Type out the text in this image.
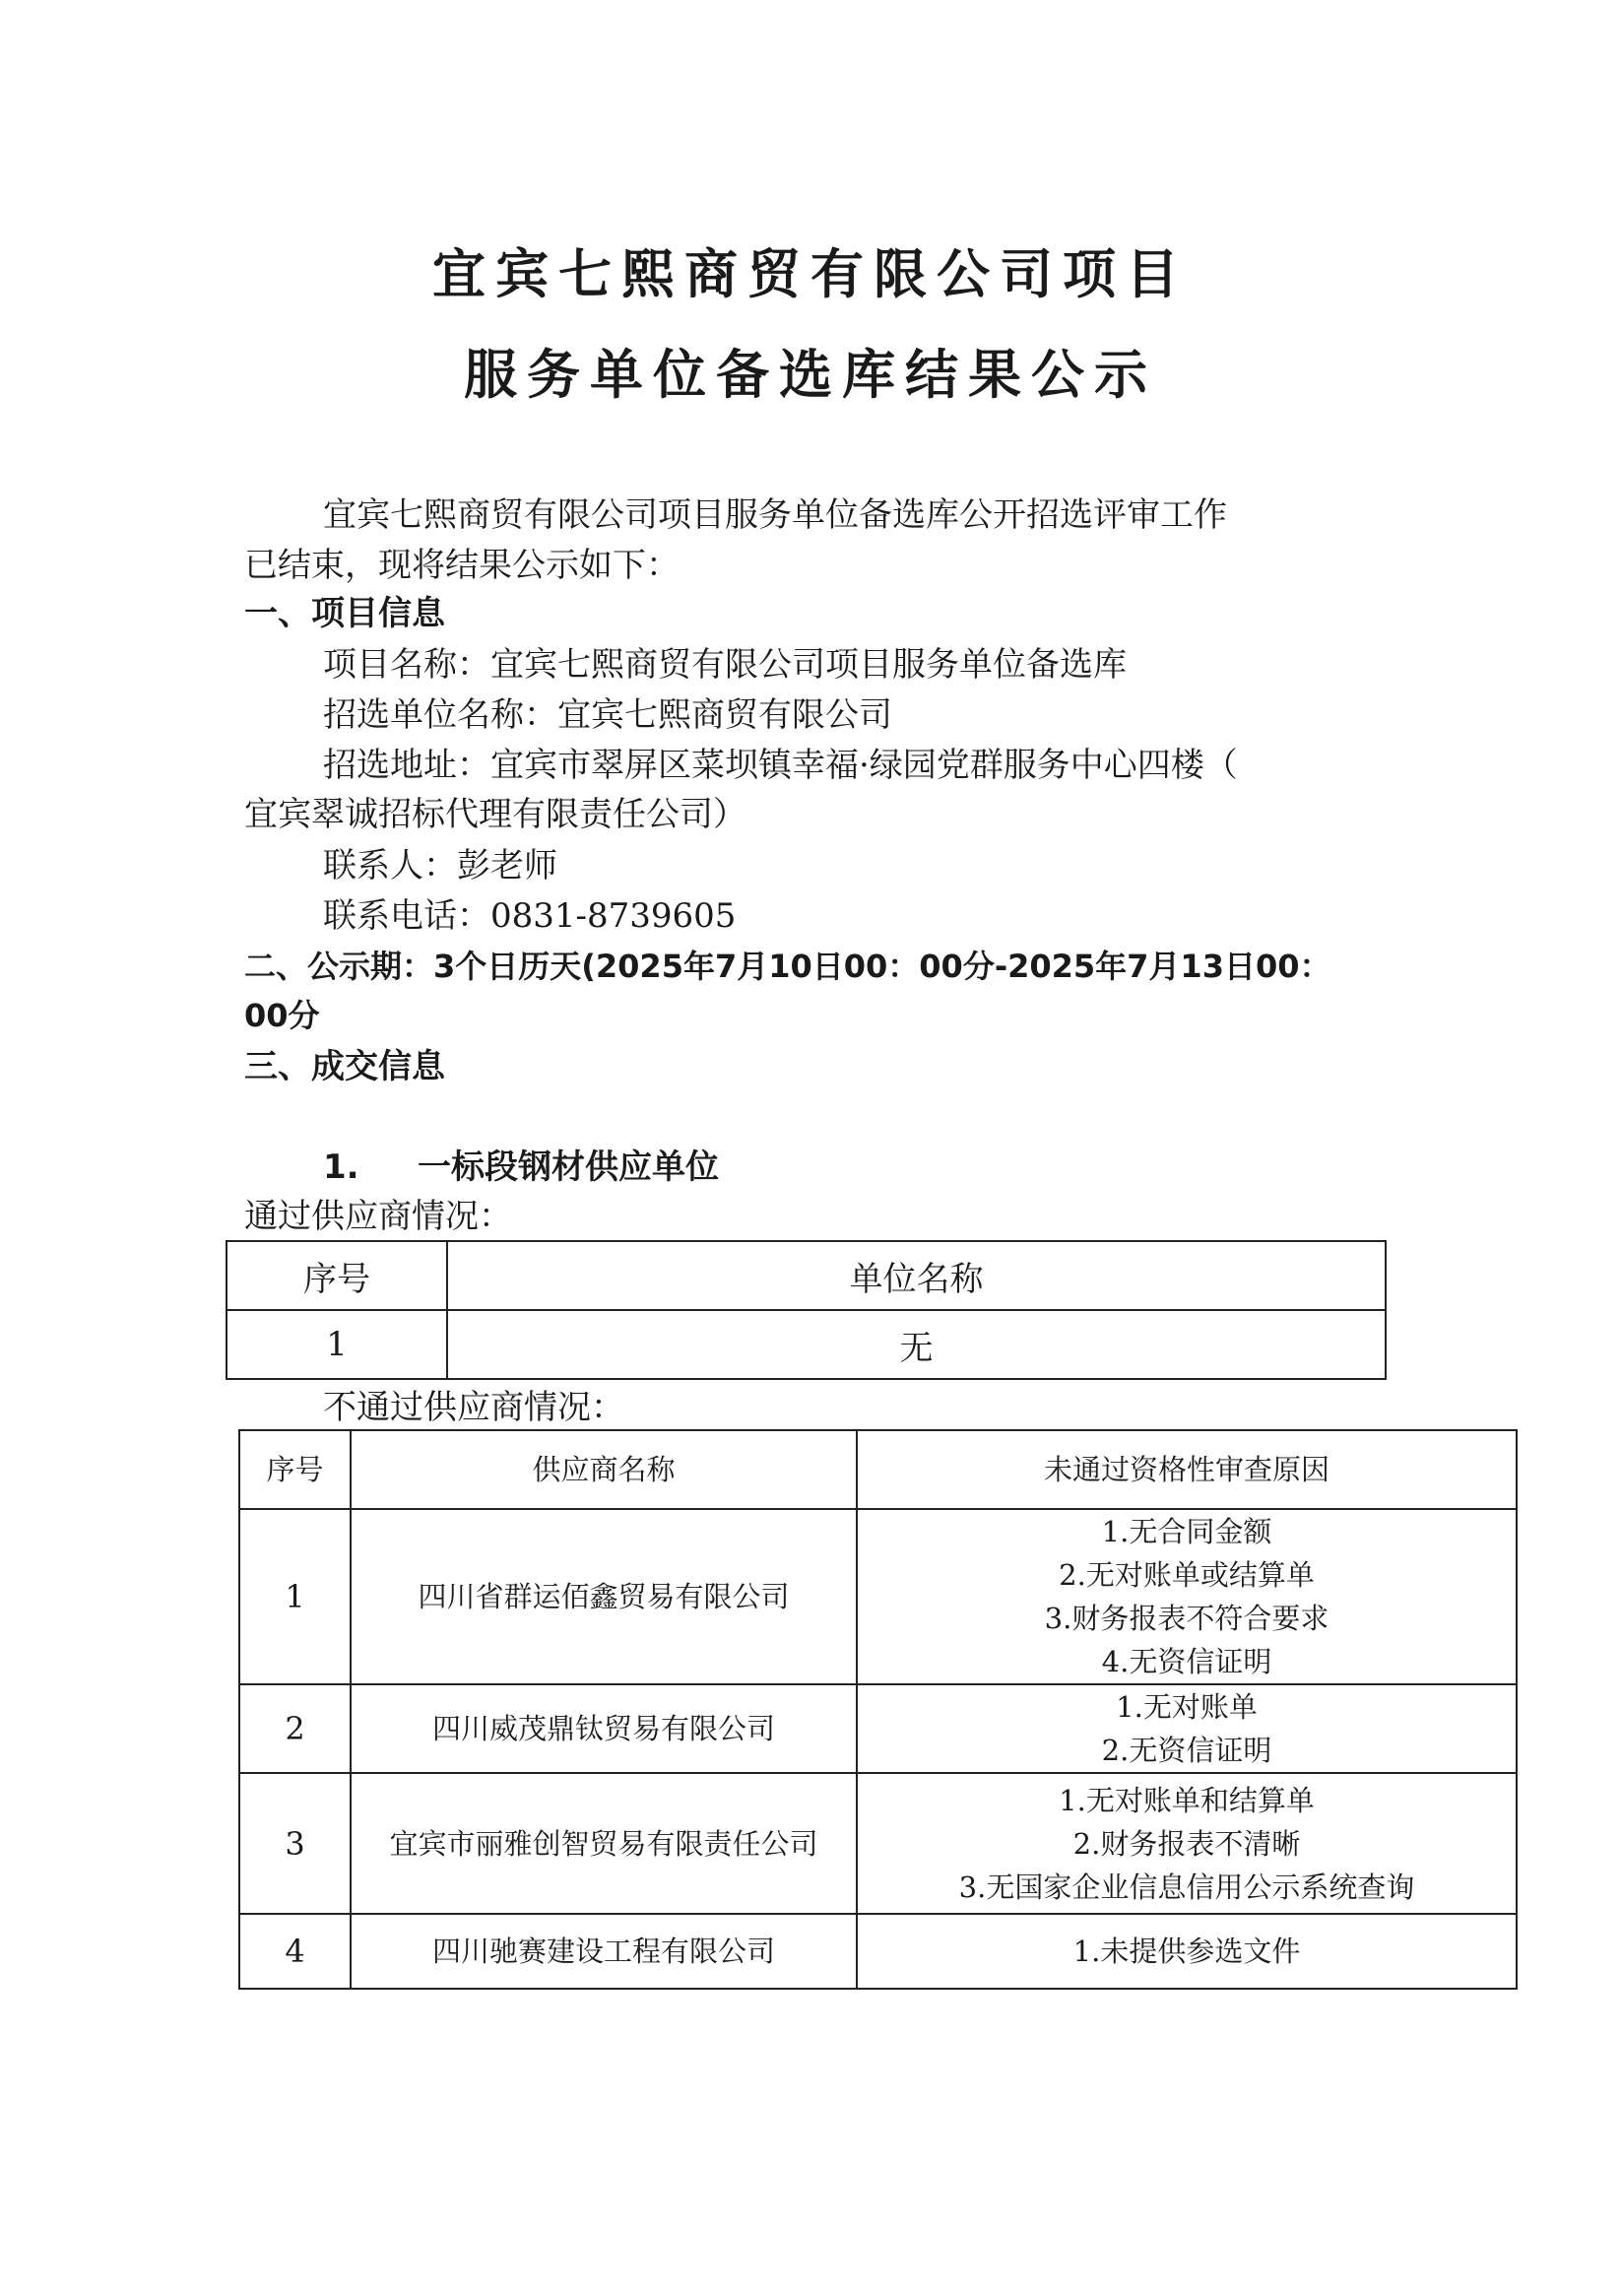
宜宾七熙商贸有限公司项目
服务单位备选库结果公示
宜宾七熙商贸有限公司项目服务单位备选库公开招选评审工作
已结束，现将结果公示如下：
一、项目信息
项目名称：宜宾七熙商贸有限公司项目服务单位备选库
招选单位名称：宜宾七熙商贸有限公司
招选地址：宜宾市翠屏区菜坝镇幸福·绿园党群服务中心四楼（
宜宾翠诚招标代理有限责任公司）
联系人：彭老师
联系电话：0831-8739605
二、公示期：3个日历天(2025年7月10日00：00分-2025年7月13日00：
00分
三、成交信息
1. 一标段钢材供应单位
通过供应商情况：
序号	单位名称
1	无
不通过供应商情况：
序号	供应商名称	未通过资格性审查原因
1	四川省群运佰鑫贸易有限公司	1.无合同金额
2.无对账单或结算单
3.财务报表不符合要求
4.无资信证明

2	四川威茂鼎钛贸易有限公司	1.无对账单
2.无资信证明

3	宜宾市丽雅创智贸易有限责任公司	1.无对账单和结算单
2.财务报表不清晰
3.无国家企业信息信用公示系统查询

4	四川驰赛建设工程有限公司	1.未提供参选文件
